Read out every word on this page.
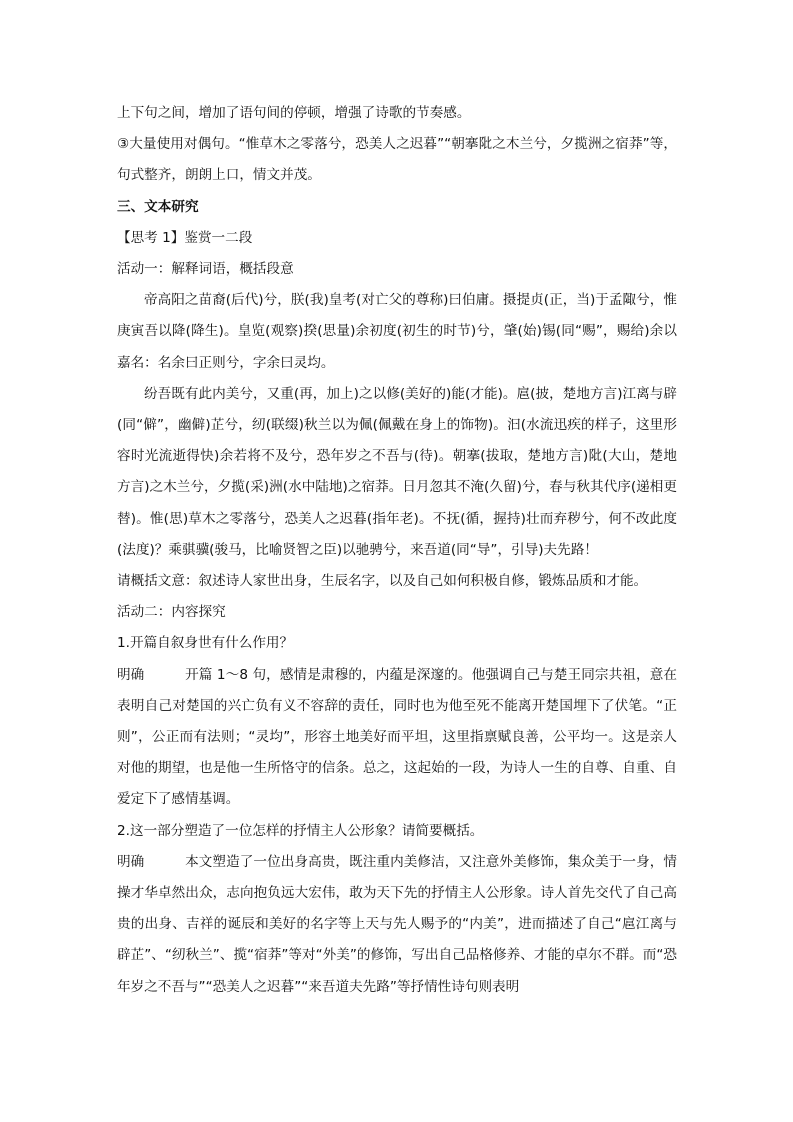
上下句之间，增加了语句间的停顿，增强了诗歌的节奏感。

③大量使用对偶句。“惟草木之零落兮，恐美人之迟暮”“朝搴阰之木兰兮，夕揽洲之宿莽”等，句式整齐，朗朗上口，情文并茂。

三、文本研究

【思考 1】鉴赏一二段

活动一：解释词语，概括段意

帝高阳之苗裔(后代)兮，朕(我)皇考(对亡父的尊称)曰伯庸。摄提贞(正，当)于孟陬兮，惟庚寅吾以降(降生)。皇览(观察)揆(思量)余初度(初生的时节)兮，肇(始)锡(同“赐”，赐给)余以嘉名：名余曰正则兮，字余曰灵均。

纷吾既有此内美兮，又重(再，加上)之以修(美好的)能(才能)。扈(披，楚地方言)江离与辟(同“僻”，幽僻)芷兮，纫(联缀)秋兰以为佩(佩戴在身上的饰物)。汩(水流迅疾的样子，这里形容时光流逝得快)余若将不及兮，恐年岁之不吾与(待)。朝搴(拔取，楚地方言)阰(大山，楚地方言)之木兰兮，夕揽(采)洲(水中陆地)之宿莽。日月忽其不淹(久留)兮，春与秋其代序(递相更替)。惟(思)草木之零落兮，恐美人之迟暮(指年老)。不抚(循，握持)壮而弃秽兮，何不改此度(法度)？乘骐骥(骏马，比喻贤智之臣)以驰骋兮，来吾道(同“导”，引导)夫先路！

请概括文意：叙述诗人家世出身，生辰名字，以及自己如何积极自修，锻炼品质和才能。

活动二：内容探究

1.开篇自叙身世有什么作用？

明确	开篇 1～8 句，感情是肃穆的，内蕴是深邃的。他强调自己与楚王同宗共祖，意在表明自己对楚国的兴亡负有义不容辞的责任，同时也为他至死不能离开楚国埋下了伏笔。“正则”，公正而有法则；“灵均”，形容土地美好而平坦，这里指禀赋良善，公平均一。这是亲人对他的期望，也是他一生所恪守的信条。总之，这起始的一段，为诗人一生的自尊、自重、自爱定下了感情基调。

2.这一部分塑造了一位怎样的抒情主人公形象？请简要概括。

明确	本文塑造了一位出身高贵，既注重内美修洁，又注意外美修饰，集众美于一身，情操才华卓然出众，志向抱负远大宏伟，敢为天下先的抒情主人公形象。诗人首先交代了自己高贵的出身、吉祥的诞辰和美好的名字等上天与先人赐予的“内美”，进而描述了自己“扈江离与辟芷”、“纫秋兰”、揽“宿莽”等对“外美”的修饰，写出自己品格修养、才能的卓尔不群。而“恐年岁之不吾与”“恐美人之迟暮”“来吾道夫先路”等抒情性诗句则表明
